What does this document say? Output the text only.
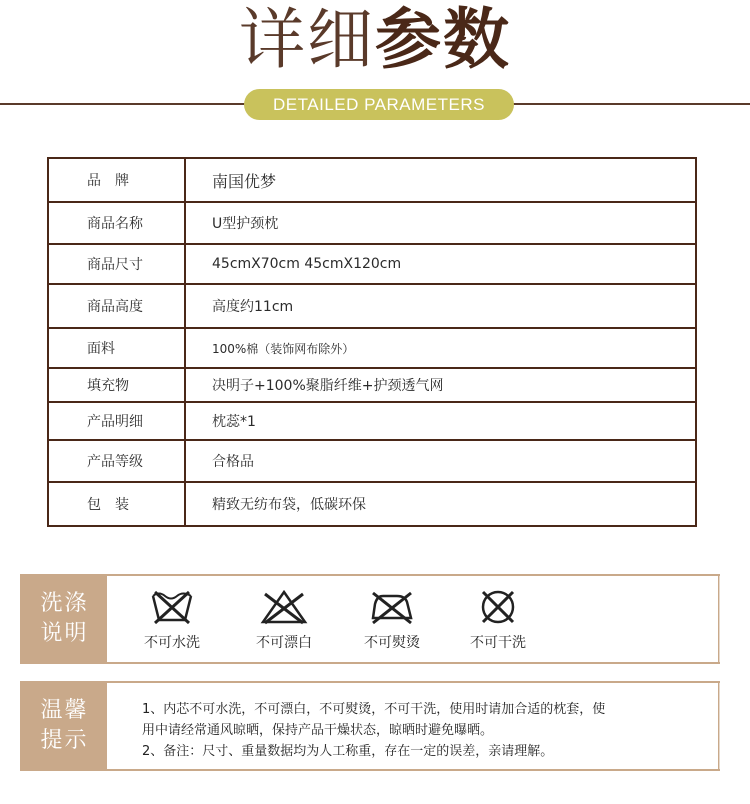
详细参数
DETAILED PARAMETERS
品　牌	南国优梦
商品名称	U型护颈枕
商品尺寸	45cmX70cm 45cmX120cm
商品高度	高度约11cm
面料	100%棉（装饰网布除外）
填充物	决明子+100%聚脂纤维+护颈透气网
产品明细	枕蕊*1
产品等级	合格品
包　装	精致无纺布袋，低碳环保
洗涤
说明	不可水洗	不可漂白	不可熨烫	不可干洗
温馨
提示
1、内芯不可水洗，不可漂白，不可熨烫，不可干洗，使用时请加合适的枕套，使
用中请经常通风晾晒，保持产品干燥状态，晾晒时避免曝晒。
2、备注：尺寸、重量数据均为人工称重，存在一定的误差，亲请理解。
